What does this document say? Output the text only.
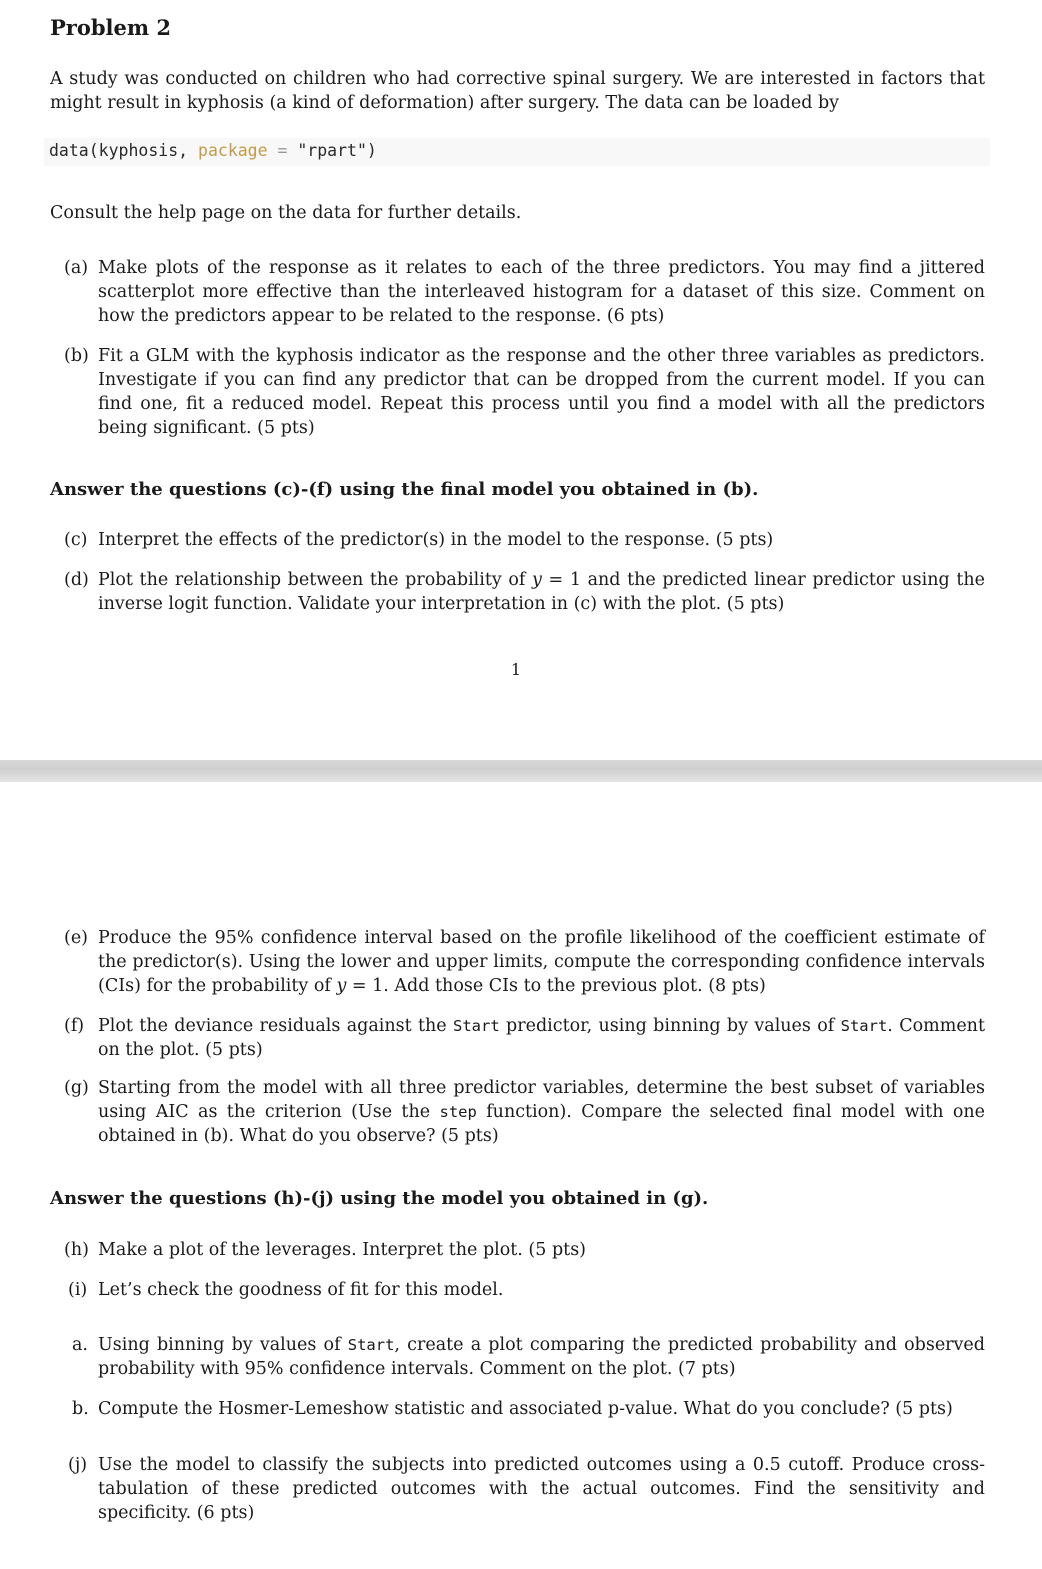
Problem 2

A study was conducted on children who had corrective spinal surgery. We are interested in factors that might result in kyphosis (a kind of deformation) after surgery. The data can be loaded by

data(kyphosis, package = "rpart")

Consult the help page on the data for further details.

(a) Make plots of the response as it relates to each of the three predictors. You may find a jittered scatterplot more effective than the interleaved histogram for a dataset of this size. Comment on how the predictors appear to be related to the response. (6 pts)
(b) Fit a GLM with the kyphosis indicator as the response and the other three variables as predictors. Investigate if you can find any predictor that can be dropped from the current model. If you can find one, fit a reduced model. Repeat this process until you find a model with all the predictors being significant. (5 pts)

Answer the questions (c)-(f) using the final model you obtained in (b).

(c) Interpret the effects of the predictor(s) in the model to the response. (5 pts)
(d) Plot the relationship between the probability of y = 1 and the predicted linear predictor using the inverse logit function. Validate your interpretation in (c) with the plot. (5 pts)

1

(e) Produce the 95% confidence interval based on the profile likelihood of the coefficient estimate of the predictor(s). Using the lower and upper limits, compute the corresponding confidence intervals (CIs) for the probability of y = 1. Add those CIs to the previous plot. (8 pts)
(f) Plot the deviance residuals against the Start predictor, using binning by values of Start. Comment on the plot. (5 pts)
(g) Starting from the model with all three predictor variables, determine the best subset of variables using AIC as the criterion (Use the step function). Compare the selected final model with one obtained in (b). What do you observe? (5 pts)

Answer the questions (h)-(j) using the model you obtained in (g).

(h) Make a plot of the leverages. Interpret the plot. (5 pts)
(i) Let’s check the goodness of fit for this model.
a. Using binning by values of Start, create a plot comparing the predicted probability and observed probability with 95% confidence intervals. Comment on the plot. (7 pts)
b. Compute the Hosmer-Lemeshow statistic and associated p-value. What do you conclude? (5 pts)
(j) Use the model to classify the subjects into predicted outcomes using a 0.5 cutoff. Produce cross-tabulation of these predicted outcomes with the actual outcomes. Find the sensitivity and specificity. (6 pts)
